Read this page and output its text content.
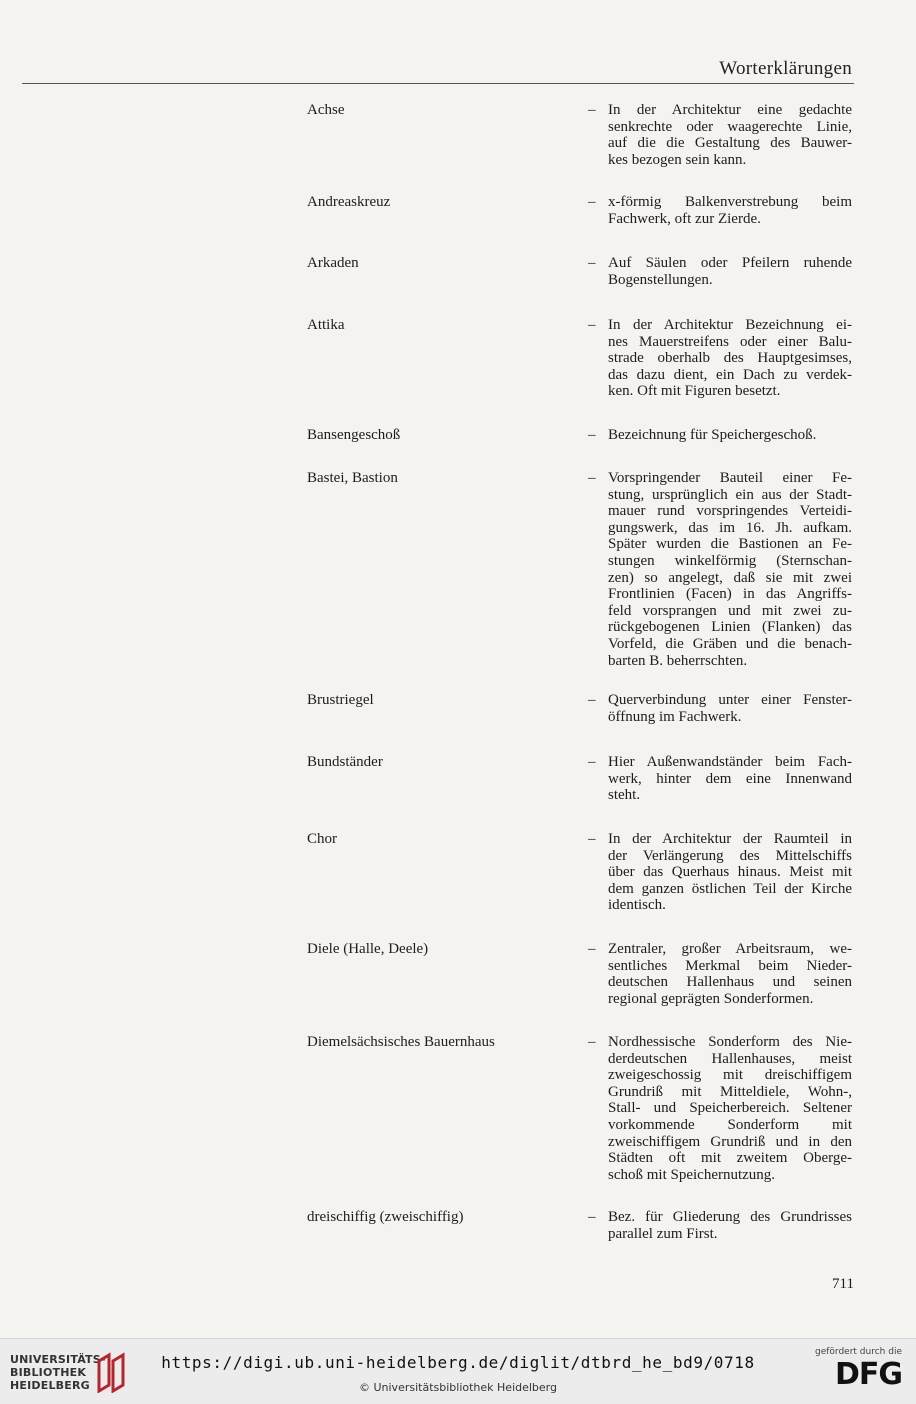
Worterklärungen
Achse	– In der Architektur eine gedachte
senkrechte oder waagerechte Linie,
auf die die Gestaltung des Bauwer-
kes bezogen sein kann.
Andreaskreuz	– x-förmig Balkenverstrebung beim
Fachwerk, oft zur Zierde.
Arkaden	– Auf Säulen oder Pfeilern ruhende
Bogenstellungen.
Attika	– In der Architektur Bezeichnung ei-
nes Mauerstreifens oder einer Balu-
strade oberhalb des Hauptgesimses,
das dazu dient, ein Dach zu verdek-
ken. Oft mit Figuren besetzt.
Bansengeschoß	– Bezeichnung für Speichergeschoß.
Bastei, Bastion	– Vorspringender Bauteil einer Fe-
stung, ursprünglich ein aus der Stadt-
mauer rund vorspringendes Verteidi-
gungswerk, das im 16. Jh. aufkam.
Später wurden die Bastionen an Fe-
stungen winkelförmig (Sternschan-
zen) so angelegt, daß sie mit zwei
Frontlinien (Facen) in das Angriffs-
feld vorsprangen und mit zwei zu-
rückgebogenen Linien (Flanken) das
Vorfeld, die Gräben und die benach-
barten B. beherrschten.
Brustriegel	– Querverbindung unter einer Fenster-
öffnung im Fachwerk.
Bundständer	– Hier Außenwandständer beim Fach-
werk, hinter dem eine Innenwand
steht.
Chor	– In der Architektur der Raumteil in
der Verlängerung des Mittelschiffs
über das Querhaus hinaus. Meist mit
dem ganzen östlichen Teil der Kirche
identisch.
Diele (Halle, Deele)	– Zentraler, großer Arbeitsraum, we-
sentliches Merkmal beim Nieder-
deutschen Hallenhaus und seinen
regional geprägten Sonderformen.
Diemelsächsisches Bauernhaus	– Nordhessische Sonderform des Nie-
derdeutschen Hallenhauses, meist
zweigeschossig mit dreischiffigem
Grundriß mit Mitteldiele, Wohn-,
Stall- und Speicherbereich. Seltener
vorkommende Sonderform mit
zweischiffigem Grundriß und in den
Städten oft mit zweitem Oberge-
schoß mit Speichernutzung.
dreischiffig (zweischiffig)	– Bez. für Gliederung des Grundrisses
parallel zum First.
711
UNIVERSITÄTS-
BIBLIOTHEK
HEIDELBERG
https://digi.ub.uni-heidelberg.de/diglit/dtbrd_he_bd9/0718
© Universitätsbibliothek Heidelberg
gefördert durch die
DFG
